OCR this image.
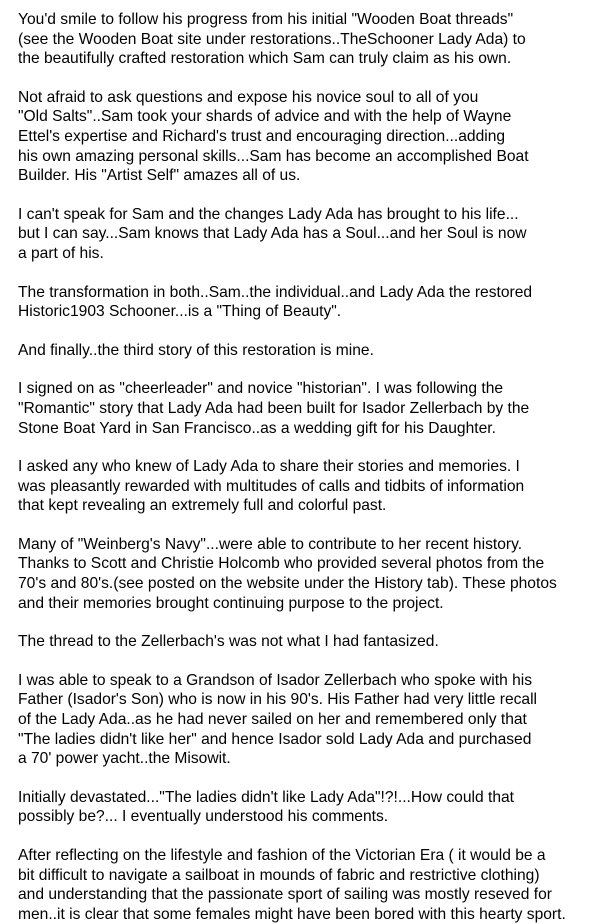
You'd smile to follow his progress from his initial "Wooden Boat threads"
(see the Wooden Boat site under restorations..TheSchooner Lady Ada) to
the beautifully crafted restoration which Sam can truly claim as his own.
Not afraid to ask questions and expose his novice soul to all of you
"Old Salts"..Sam took your shards of advice and with the help of Wayne
Ettel's expertise and Richard's trust and encouraging direction...adding
his own amazing personal skills...Sam has become an accomplished Boat
Builder. His "Artist Self" amazes all of us.
I can't speak for Sam and the changes Lady Ada has brought to his life...
but I can say...Sam knows that Lady Ada has a Soul...and her Soul is now
a part of his.
The transformation in both..Sam..the individual..and Lady Ada the restored
Historic1903 Schooner...is a "Thing of Beauty".
And finally..the third story of this restoration is mine.
I signed on as "cheerleader" and novice "historian". I was following the
"Romantic" story that Lady Ada had been built for Isador Zellerbach by the
Stone Boat Yard in San Francisco..as a wedding gift for his Daughter.
I asked any who knew of Lady Ada to share their stories and memories. I
was pleasantly rewarded with multitudes of calls and tidbits of information
that kept revealing an extremely full and colorful past.
Many of "Weinberg's Navy"...were able to contribute to her recent history.
Thanks to Scott and Christie Holcomb who provided several photos from the
70's and 80's.(see posted on the website under the History tab). These photos
and their memories brought continuing purpose to the project.
The thread to the Zellerbach's was not what I had fantasized.
I was able to speak to a Grandson of Isador Zellerbach who spoke with his
Father (Isador's Son) who is now in his 90's. His Father had very little recall
of the Lady Ada..as he had never sailed on her and remembered only that
"The ladies didn't like her" and hence Isador sold Lady Ada and purchased
a 70' power yacht..the Misowit.
Initially devastated..."The ladies didn't like Lady Ada"!?!...How could that
possibly be?... I eventually understood his comments.
After reflecting on the lifestyle and fashion of the Victorian Era ( it would be a
bit difficult to navigate a sailboat in mounds of fabric and restrictive clothing)
and understanding that the passionate sport of sailing was mostly reseved for
men..it is clear that some females might have been bored with this hearty sport.
